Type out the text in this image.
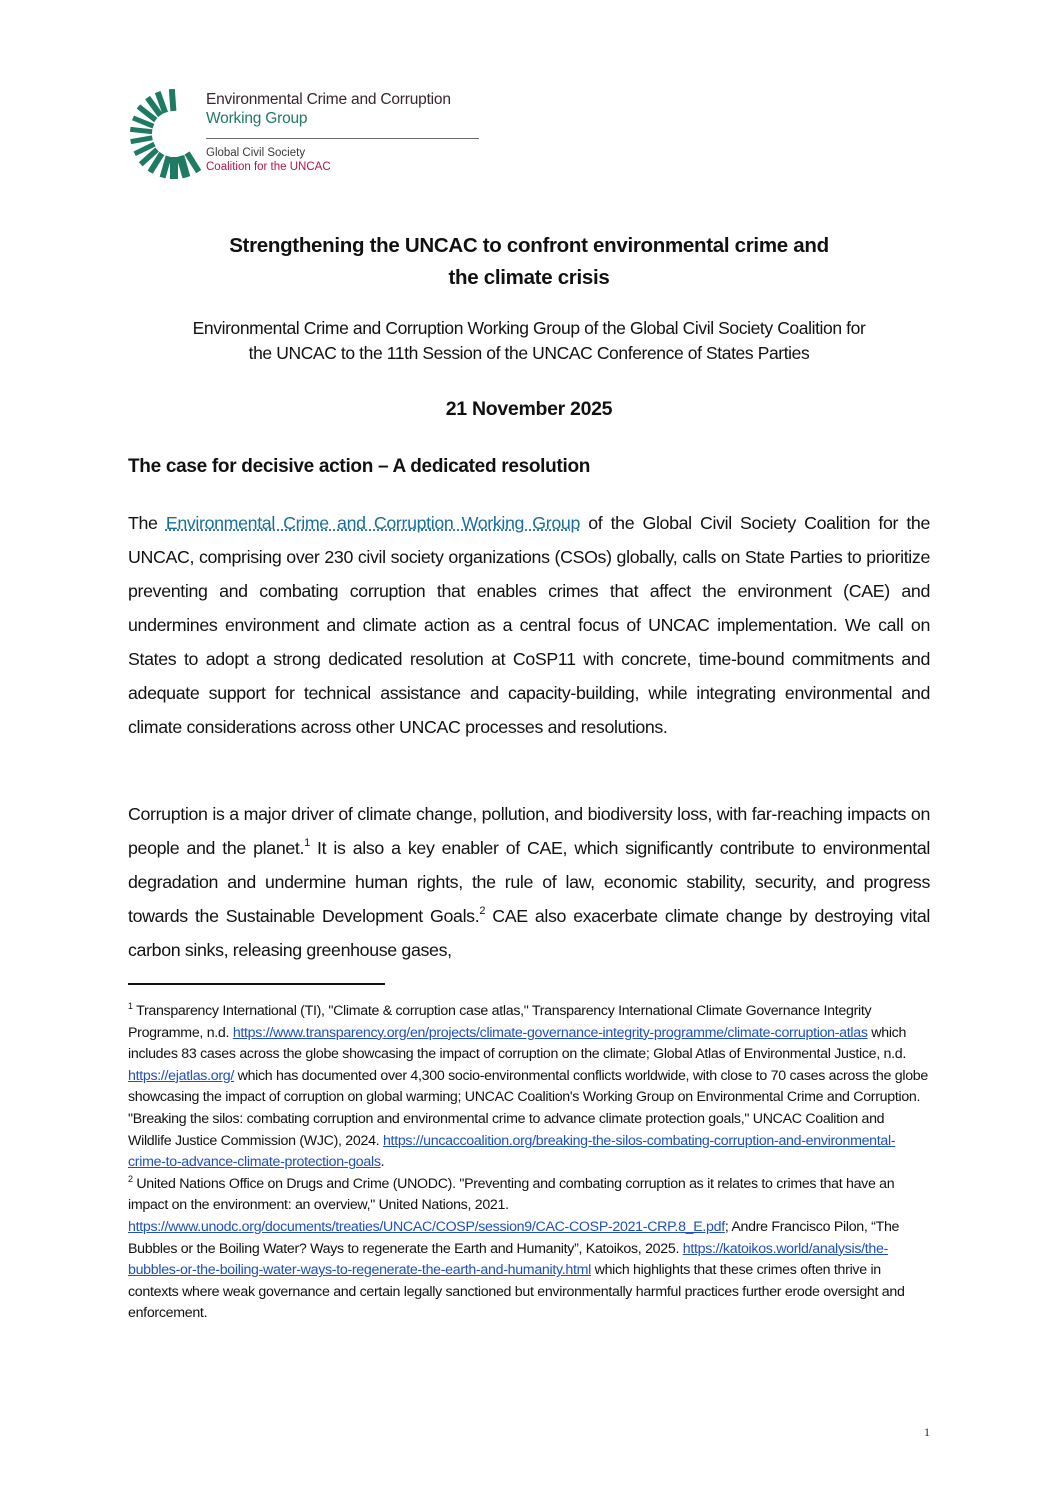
Environmental Crime and Corruption
Working Group
Global Civil Society
Coalition for the UNCAC
Strengthening the UNCAC to confront environmental crime and
the climate crisis
Environmental Crime and Corruption Working Group of the Global Civil Society Coalition for
the UNCAC to the 11th Session of the UNCAC Conference of States Parties
21 November 2025
The case for decisive action – A dedicated resolution

The Environmental Crime and Corruption Working Group of the Global Civil Society Coalition for the UNCAC, comprising over 230 civil society organizations (CSOs) globally, calls on State Parties to prioritize preventing and combating corruption that enables crimes that affect the environment (CAE) and undermines environment and climate action as a central focus of UNCAC implementation. We call on States to adopt a strong dedicated resolution at CoSP11 with concrete, time-bound commitments and adequate support for technical assistance and capacity-building, while integrating environmental and climate considerations across other UNCAC processes and resolutions.

Corruption is a major driver of climate change, pollution, and biodiversity loss, with far-reaching impacts on people and the planet.$^1$ It is also a key enabler of CAE, which significantly contribute to environmental degradation and undermine human rights, the rule of law, economic stability, security, and progress towards the Sustainable Development Goals.$^2$ CAE also exacerbate climate change by destroying vital carbon sinks, releasing greenhouse gases,

$^1$ Transparency International (TI), "Climate & corruption case atlas," Transparency International Climate Governance Integrity Programme, n.d. https://www.transparency.org/en/projects/climate-governance-integrity-programme/climate-corruption-atlas which includes 83 cases across the globe showcasing the impact of corruption on the climate; Global Atlas of Environmental Justice, n.d. https://ejatlas.org/ which has documented over 4,300 socio-environmental conflicts worldwide, with close to 70 cases across the globe showcasing the impact of corruption on global warming; UNCAC Coalition's Working Group on Environmental Crime and Corruption. "Breaking the silos: combating corruption and environmental crime to advance climate protection goals," UNCAC Coalition and Wildlife Justice Commission (WJC), 2024. https://uncaccoalition.org/breaking-the-silos-combating-corruption-and-environmental-crime-to-advance-climate-protection-goals.

$^2$ United Nations Office on Drugs and Crime (UNODC). "Preventing and combating corruption as it relates to crimes that have an impact on the environment: an overview," United Nations, 2021. https://www.unodc.org/documents/treaties/UNCAC/COSP/session9/CAC-COSP-2021-CRP.8_E.pdf; Andre Francisco Pilon, “The Bubbles or the Boiling Water? Ways to regenerate the Earth and Humanity”, Katoikos, 2025. https://katoikos.world/analysis/the-bubbles-or-the-boiling-water-ways-to-regenerate-the-earth-and-humanity.html which highlights that these crimes often thrive in contexts where weak governance and certain legally sanctioned but environmentally harmful practices further erode oversight and enforcement.

1
